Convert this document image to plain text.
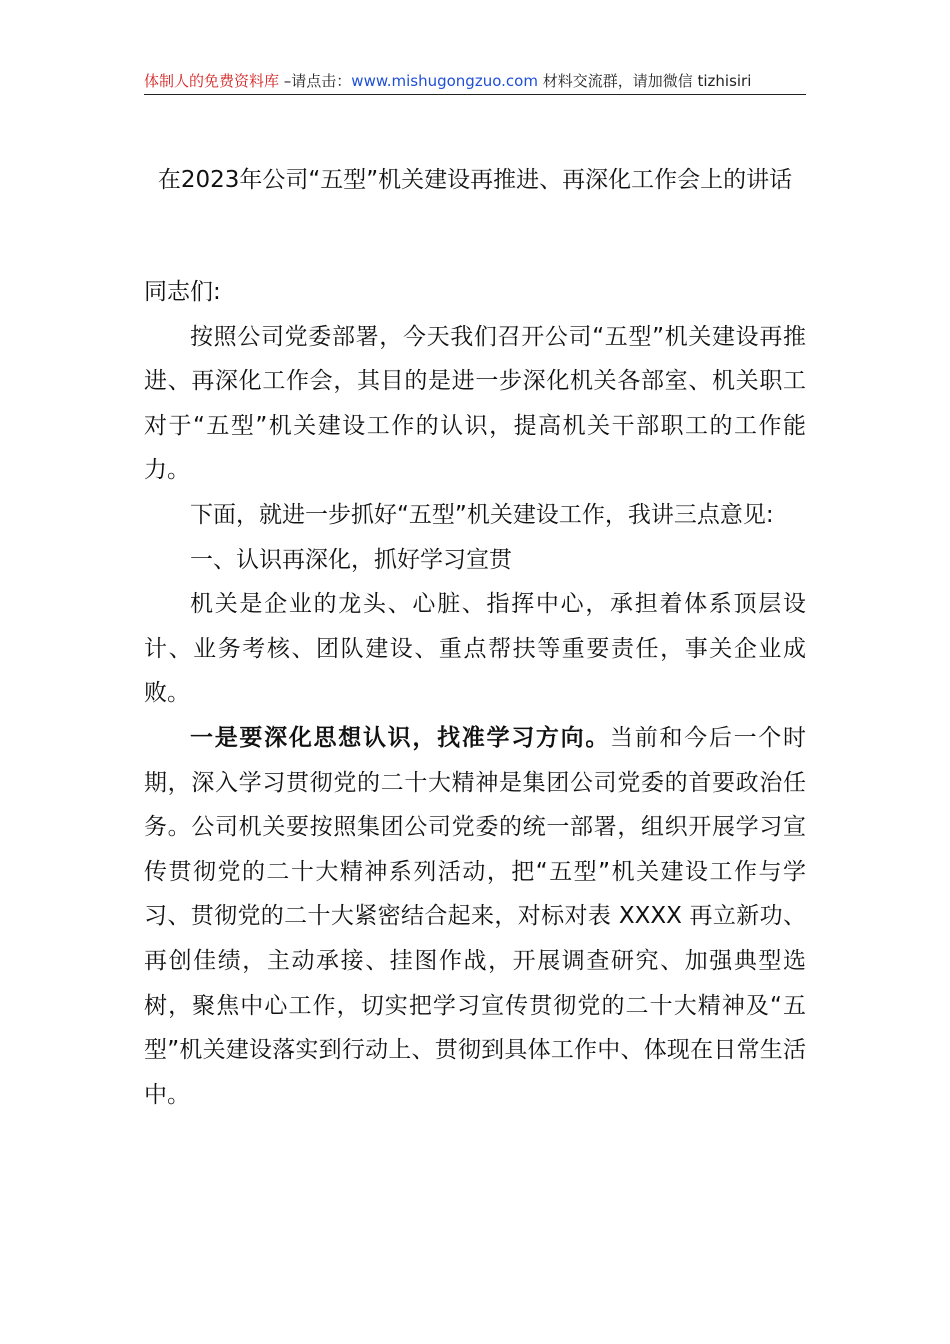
体制人的免费资料库 –请点击：www.mishugongzuo.com 材料交流群，请加微信 tizhisiri
在2023年公司“五型”机关建设再推进、再深化工作会上的讲话

同志们:

按照公司党委部署，今天我们召开公司“五型”机关建设再推进、再深化工作会，其目的是进一步深化机关各部室、机关职工对于“五型”机关建设工作的认识，提高机关干部职工的工作能力。

下面，就进一步抓好“五型”机关建设工作，我讲三点意见:

一、认识再深化，抓好学习宣贯

机关是企业的龙头、心脏、指挥中心，承担着体系顶层设计、业务考核、团队建设、重点帮扶等重要责任，事关企业成败。

一是要深化思想认识，找准学习方向。当前和今后一个时期，深入学习贯彻党的二十大精神是集团公司党委的首要政治任务。公司机关要按照集团公司党委的统一部署，组织开展学习宣传贯彻党的二十大精神系列活动，把“五型”机关建设工作与学习、贯彻党的二十大紧密结合起来，对标对表 XXXX 再立新功、再创佳绩，主动承接、挂图作战，开展调查研究、加强典型选树，聚焦中心工作，切实把学习宣传贯彻党的二十大精神及“五型”机关建设落实到行动上、贯彻到具体工作中、体现在日常生活中。
